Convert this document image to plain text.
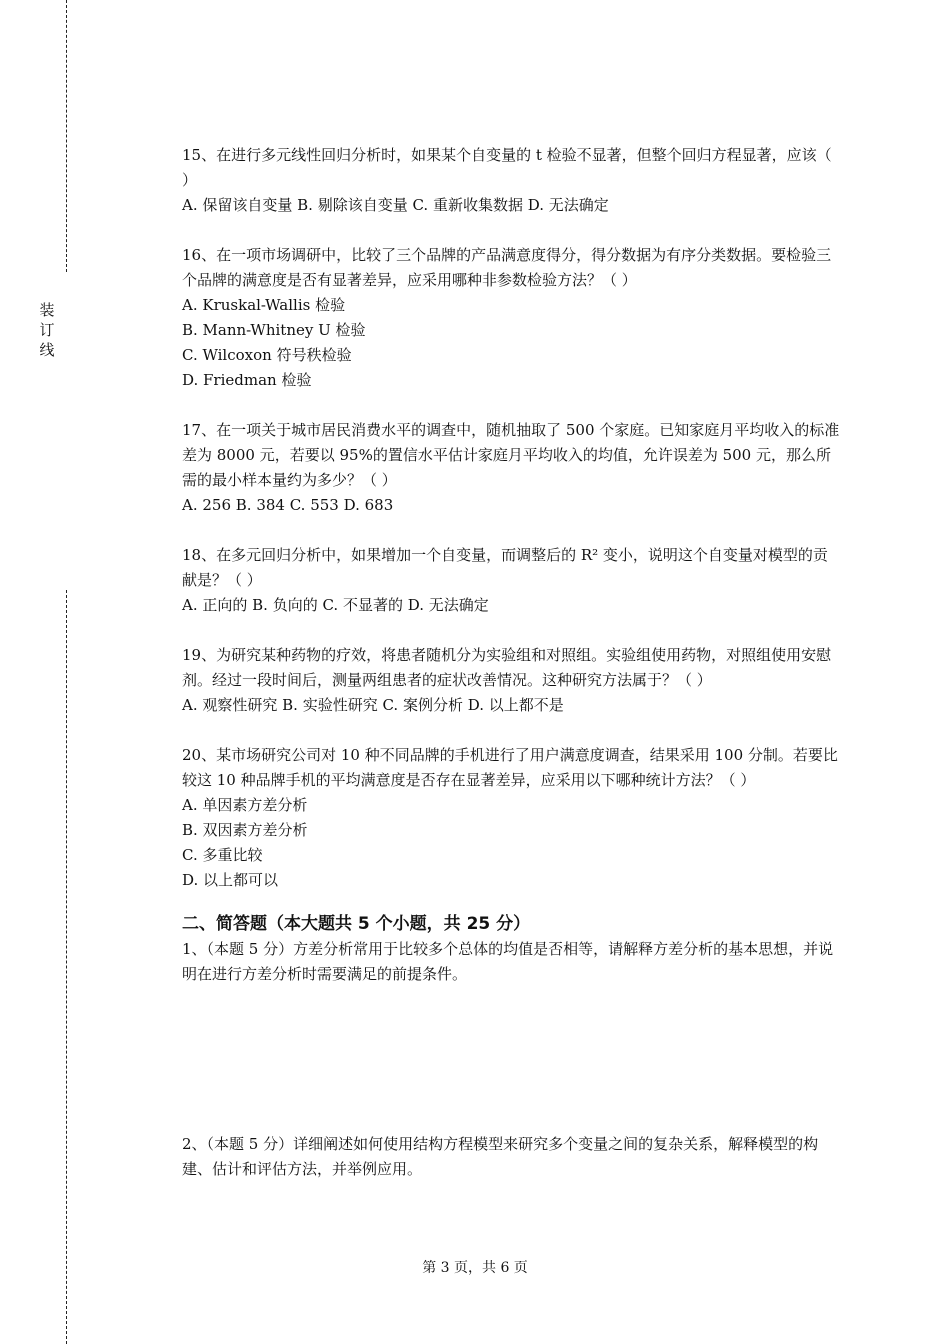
装
订
线

15、在进行多元线性回归分析时，如果某个自变量的 t 检验不显著，但整个回归方程显著，应该（ ）

A. 保留该自变量 B. 剔除该自变量 C. 重新收集数据 D. 无法确定

16、在一项市场调研中，比较了三个品牌的产品满意度得分，得分数据为有序分类数据。要检验三个品牌的满意度是否有显著差异，应采用哪种非参数检验方法？（ ）

A. Kruskal-Wallis 检验

B. Mann-Whitney U 检验

C. Wilcoxon 符号秩检验

D. Friedman 检验

17、在一项关于城市居民消费水平的调查中，随机抽取了 500 个家庭。已知家庭月平均收入的标准差为 8000 元，若要以 95%的置信水平估计家庭月平均收入的均值，允许误差为 500 元，那么所需的最小样本量约为多少？（ ）

A. 256 B. 384 C. 553 D. 683

18、在多元回归分析中，如果增加一个自变量，而调整后的 R² 变小，说明这个自变量对模型的贡献是？（ ）

A. 正向的 B. 负向的 C. 不显著的 D. 无法确定

19、为研究某种药物的疗效，将患者随机分为实验组和对照组。实验组使用药物，对照组使用安慰剂。经过一段时间后，测量两组患者的症状改善情况。这种研究方法属于？（ ）

A. 观察性研究 B. 实验性研究 C. 案例分析 D. 以上都不是

20、某市场研究公司对 10 种不同品牌的手机进行了用户满意度调查，结果采用 100 分制。若要比较这 10 种品牌手机的平均满意度是否存在显著差异，应采用以下哪种统计方法？（ ）

A. 单因素方差分析

B. 双因素方差分析

C. 多重比较

D. 以上都可以

二、简答题（本大题共 5 个小题，共 25 分）

1、（本题 5 分）方差分析常用于比较多个总体的均值是否相等，请解释方差分析的基本思想，并说明在进行方差分析时需要满足的前提条件。

2、（本题 5 分）详细阐述如何使用结构方程模型来研究多个变量之间的复杂关系，解释模型的构建、估计和评估方法，并举例应用。

第 3 页，共 6 页
